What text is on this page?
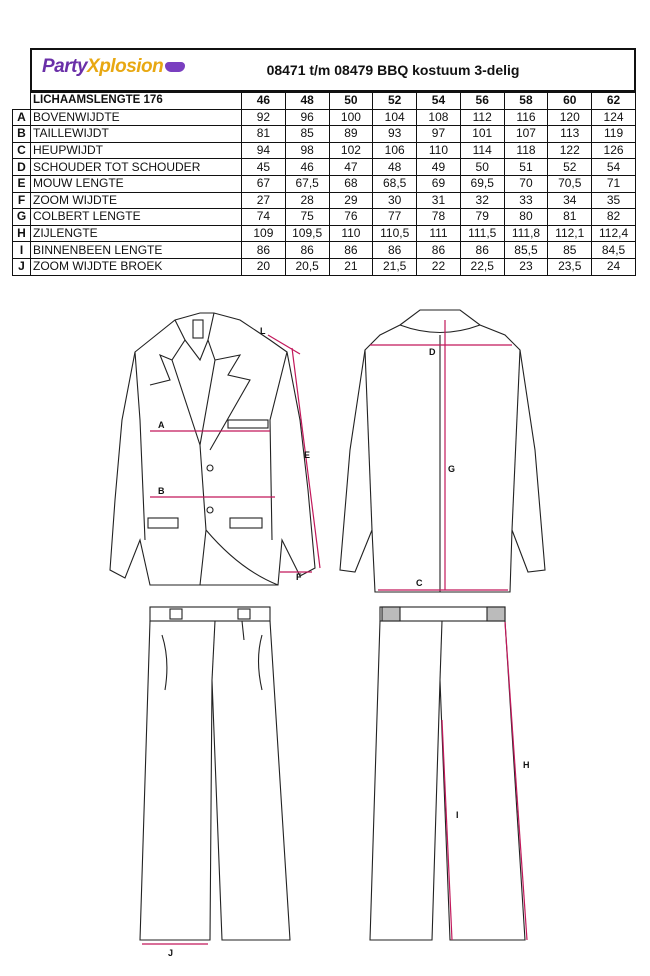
PartyXplosion	08471 t/m 08479 BBQ kostuum 3-delig
	LICHAAMSLENGTE 176	46	48	50	52	54	56	58	60	62
A	BOVENWIJDTE	92	96	100	104	108	112	116	120	124
B	TAILLEWIJDT	81	85	89	93	97	101	107	113	119
C	HEUPWIJDT	94	98	102	106	110	114	118	122	126
D	SCHOUDER TOT SCHOUDER	45	46	47	48	49	50	51	52	54
E	MOUW LENGTE	67	67,5	68	68,5	69	69,5	70	70,5	71
F	ZOOM WIJDTE	27	28	29	30	31	32	33	34	35
G	COLBERT LENGTE	74	75	76	77	78	79	80	81	82
H	ZIJLENGTE	109	109,5	110	110,5	111	111,5	111,8	112,1	112,4
I	BINNENBEEN LENGTE	86	86	86	86	86	86	85,5	85	84,5
J	ZOOM WIJDTE BROEK	20	20,5	21	21,5	22	22,5	23	23,5	24
A
B
C
D
E
F
G
H
I
J
L
